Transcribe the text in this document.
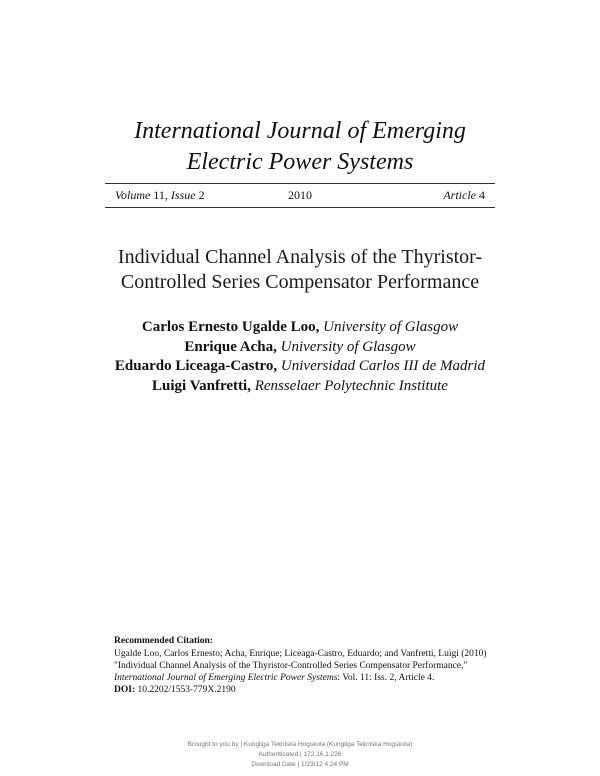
International Journal of Emerging
Electric Power Systems
Volume 11, Issue 2	2010	Article 4
Individual Channel Analysis of the Thyristor-
Controlled Series Compensator Performance
Carlos Ernesto Ugalde Loo, University of Glasgow
Enrique Acha, University of Glasgow
Eduardo Liceaga-Castro, Universidad Carlos III de Madrid
Luigi Vanfretti, Rensselaer Polytechnic Institute
Recommended Citation:
Ugalde Loo, Carlos Ernesto; Acha, Enrique; Liceaga-Castro, Eduardo; and Vanfretti, Luigi (2010) "Individual Channel Analysis of the Thyristor-Controlled Series Compensator Performance," International Journal of Emerging Electric Power Systems: Vol. 11: Iss. 2, Article 4.
DOI: 10.2202/1553-779X.2190
Brought to you by | Kungliga Tekniska Hogskola (Kungliga Tekniska Hogskola)
Authenticated | 172.16.1.226
Download Date | 1/23/12 4:24 PM
